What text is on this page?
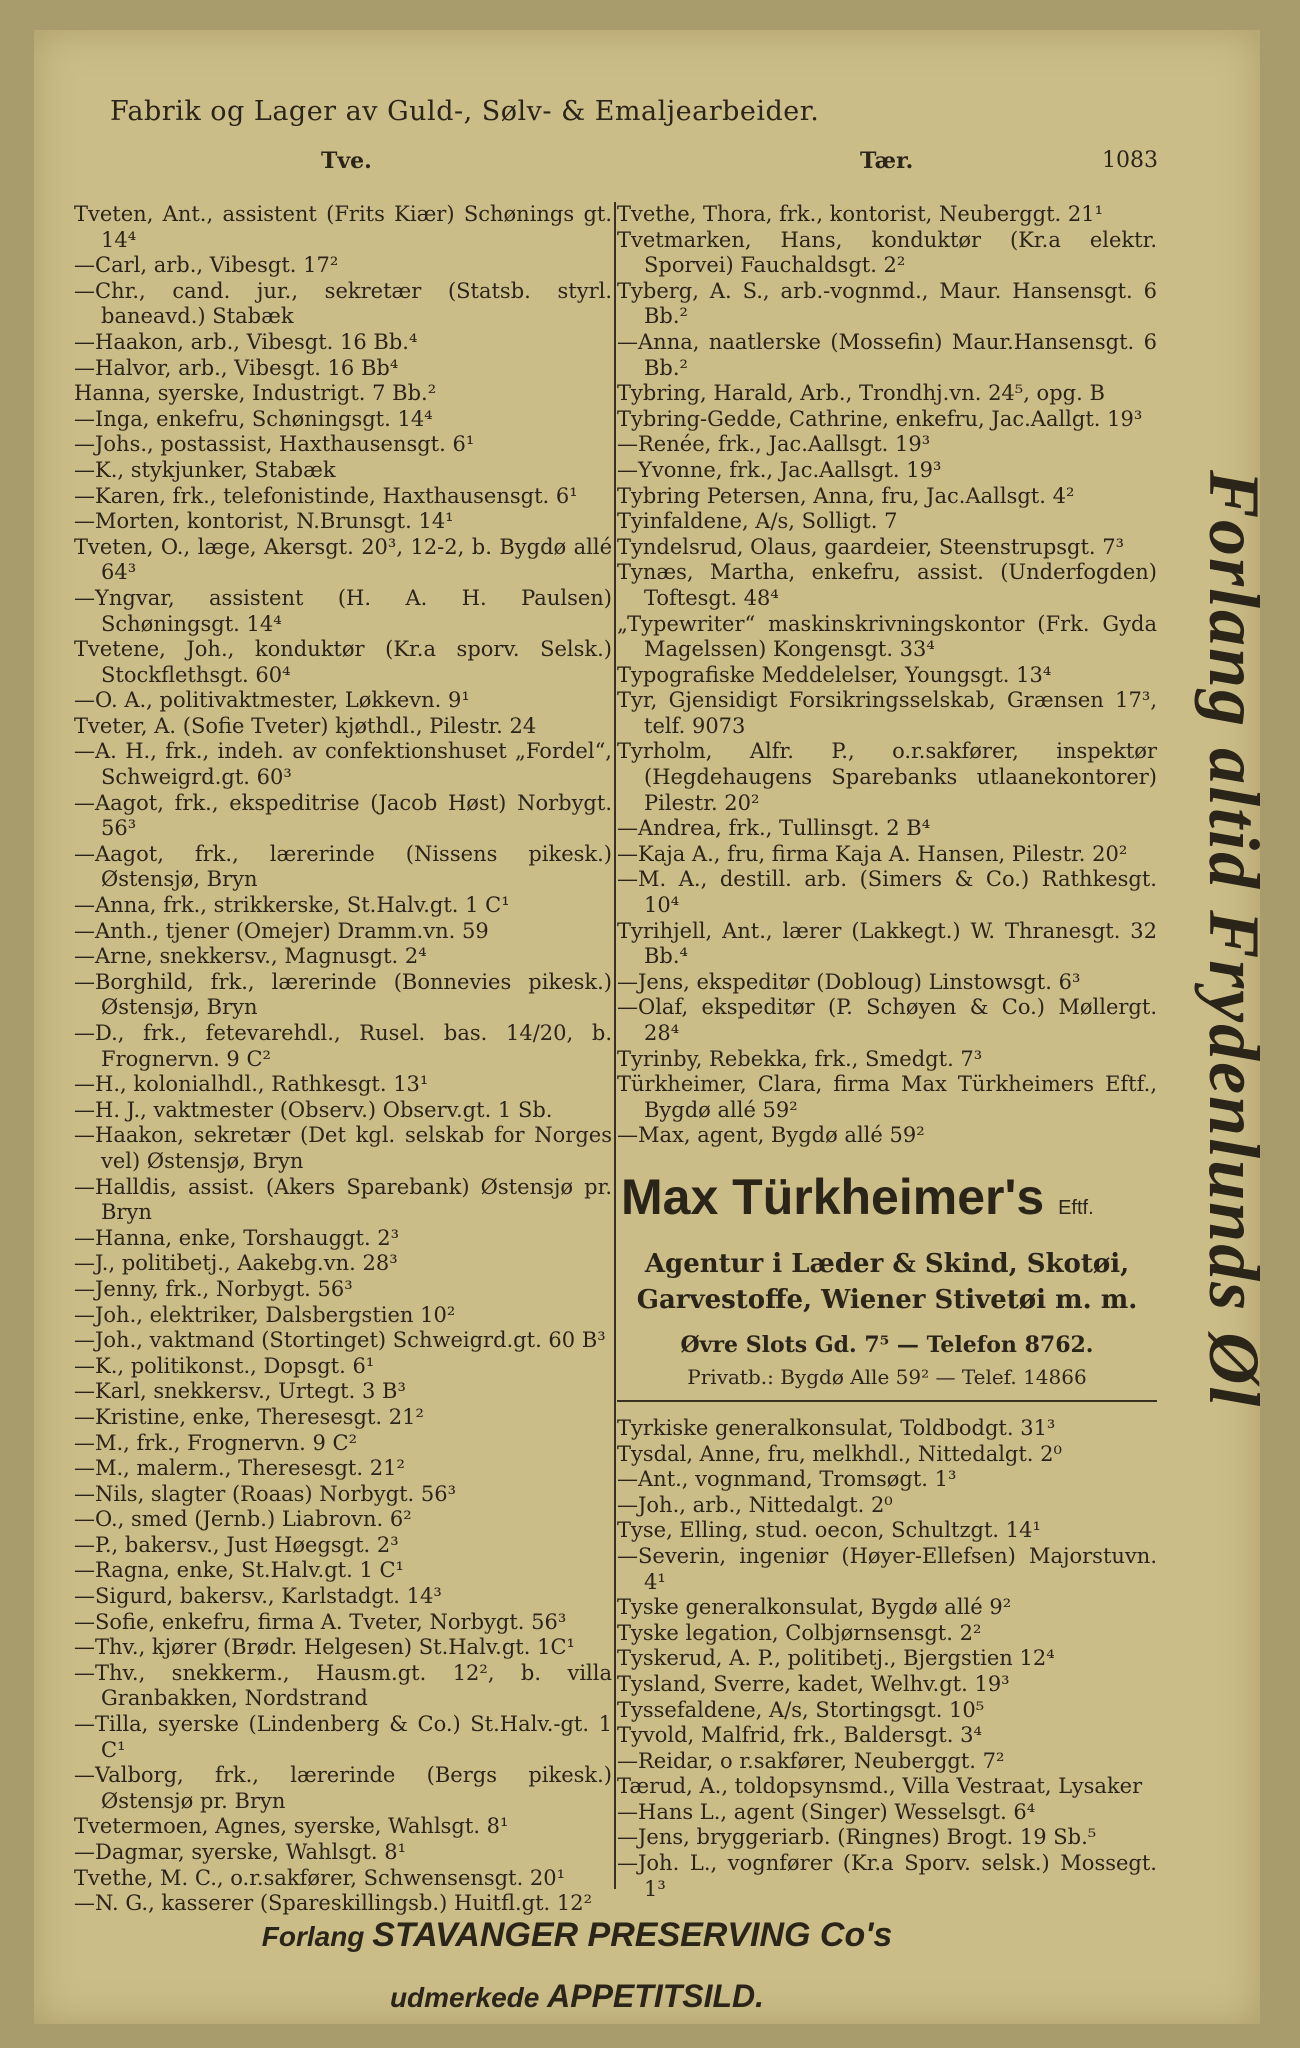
Fabrik og Lager av Guld-, Sølv- & Emaljearbeider.
Tve.	Tær.	1083
Tveten, Ant., assistent (Frits Kiær) Schønings gt. 14⁴
—Carl, arb., Vibesgt. 17²
—Chr., cand. jur., sekretær (Statsb. styrl. baneavd.) Stabæk
—Haakon, arb., Vibesgt. 16 Bb.⁴
—Halvor, arb., Vibesgt. 16 Bb⁴
Hanna, syerske, Industrigt. 7 Bb.²
—Inga, enkefru, Schøningsgt. 14⁴
—Johs., postassist, Haxthausensgt. 6¹
—K., stykjunker, Stabæk
—Karen, frk., telefonistinde, Haxthausensgt. 6¹
—Morten, kontorist, N.Brunsgt. 14¹
Tveten, O., læge, Akersgt. 20³, 12-2, b. Bygdø allé 64³
—Yngvar, assistent (H. A. H. Paulsen) Schøningsgt. 14⁴
Tvetene, Joh., konduktør (Kr.a sporv. Selsk.) Stockflethsgt. 60⁴
—O. A., politivaktmester, Løkkevn. 9¹
Tveter, A. (Sofie Tveter) kjøthdl., Pilestr. 24
—A. H., frk., indeh. av confektionshuset „Fordel“, Schweigrd.gt. 60³
—Aagot, frk., ekspeditrise (Jacob Høst) Norbygt. 56³
—Aagot, frk., lærerinde (Nissens pikesk.) Østensjø, Bryn
—Anna, frk., strikkerske, St.Halv.gt. 1 C¹
—Anth., tjener (Omejer) Dramm.vn. 59
—Arne, snekkersv., Magnusgt. 2⁴
—Borghild, frk., lærerinde (Bonnevies pikesk.) Østensjø, Bryn
—D., frk., fetevarehdl., Rusel. bas. 14/20, b. Frognervn. 9 C²
—H., kolonialhdl., Rathkesgt. 13¹
—H. J., vaktmester (Observ.) Observ.gt. 1 Sb.
—Haakon, sekretær (Det kgl. selskab for Norges vel) Østensjø, Bryn
—Halldis, assist. (Akers Sparebank) Østensjø pr. Bryn
—Hanna, enke, Torshauggt. 2³
—J., politibetj., Aakebg.vn. 28³
—Jenny, frk., Norbygt. 56³
—Joh., elektriker, Dalsbergstien 10²
—Joh., vaktmand (Stortinget) Schweigrd.gt. 60 B³
—K., politikonst., Dopsgt. 6¹
—Karl, snekkersv., Urtegt. 3 B³
—Kristine, enke, Theresesgt. 21²
—M., frk., Frognervn. 9 C²
—M., malerm., Theresesgt. 21²
—Nils, slagter (Roaas) Norbygt. 56³
—O., smed (Jernb.) Liabrovn. 6²
—P., bakersv., Just Høegsgt. 2³
—Ragna, enke, St.Halv.gt. 1 C¹
—Sigurd, bakersv., Karlstadgt. 14³
—Sofie, enkefru, firma A. Tveter, Norbygt. 56³
—Thv., kjører (Brødr. Helgesen) St.Halv.gt. 1C¹
—Thv., snekkerm., Hausm.gt. 12², b. villa Granbakken, Nordstrand
—Tilla, syerske (Lindenberg & Co.) St.Halv.-gt. 1 C¹
—Valborg, frk., lærerinde (Bergs pikesk.) Østensjø pr. Bryn
Tvetermoen, Agnes, syerske, Wahlsgt. 8¹
—Dagmar, syerske, Wahlsgt. 8¹
Tvethe, M. C., o.r.sakfører, Schwensensgt. 20¹
—N. G., kasserer (Spareskillingsb.) Huitfl.gt. 12²
Tvethe, Thora, frk., kontorist, Neuberggt. 21¹
Tvetmarken, Hans, konduktør (Kr.a elektr. Sporvei) Fauchaldsgt. 2²
Tyberg, A. S., arb.-vognmd., Maur. Hansensgt. 6 Bb.²
—Anna, naatlerske (Mossefin) Maur.Hansensgt. 6 Bb.²
Tybring, Harald, Arb., Trondhj.vn. 24⁵, opg. B
Tybring-Gedde, Cathrine, enkefru, Jac.Aallgt. 19³
—Renée, frk., Jac.Aallsgt. 19³
—Yvonne, frk., Jac.Aallsgt. 19³
Tybring Petersen, Anna, fru, Jac.Aallsgt. 4²
Tyinfaldene, A/s, Solligt. 7
Tyndelsrud, Olaus, gaardeier, Steenstrupsgt. 7³
Tynæs, Martha, enkefru, assist. (Underfogden) Toftesgt. 48⁴
„Typewriter“ maskinskrivningskontor (Frk. Gyda Magelssen) Kongensgt. 33⁴
Typografiske Meddelelser, Youngsgt. 13⁴
Tyr, Gjensidigt Forsikringsselskab, Grænsen 17³, telf. 9073
Tyrholm, Alfr. P., o.r.sakfører, inspektør (Hegdehaugens Sparebanks utlaanekontorer) Pilestr. 20²
—Andrea, frk., Tullinsgt. 2 B⁴
—Kaja A., fru, firma Kaja A. Hansen, Pilestr. 20²
—M. A., destill. arb. (Simers & Co.) Rathkesgt. 10⁴
Tyrihjell, Ant., lærer (Lakkegt.) W. Thranesgt. 32 Bb.⁴
—Jens, ekspeditør (Dobloug) Linstowsgt. 6³
—Olaf, ekspeditør (P. Schøyen & Co.) Møllergt. 28⁴
Tyrinby, Rebekka, frk., Smedgt. 7³
Türkheimer, Clara, firma Max Türkheimers Eftf., Bygdø allé 59²
—Max, agent, Bygdø allé 59²
Max Türkheimer's Eftf.
Agentur i Læder & Skind, Skotøi,
Garvestoffe, Wiener Stivetøi m. m.
Øvre Slots Gd. 7⁵ — Telefon 8762.
Privatb.: Bygdø Alle 59² — Telef. 14866
Tyrkiske generalkonsulat, Toldbodgt. 31³
Tysdal, Anne, fru, melkhdl., Nittedalgt. 2⁰
—Ant., vognmand, Tromsøgt. 1³
—Joh., arb., Nittedalgt. 2⁰
Tyse, Elling, stud. oecon, Schultzgt. 14¹
—Severin, ingeniør (Høyer-Ellefsen) Majorstuvn. 4¹
Tyske generalkonsulat, Bygdø allé 9²
Tyske legation, Colbjørnsensgt. 2²
Tyskerud, A. P., politibetj., Bjergstien 12⁴
Tysland, Sverre, kadet, Welhv.gt. 19³
Tyssefaldene, A/s, Stortingsgt. 10⁵
Tyvold, Malfrid, frk., Baldersgt. 3⁴
—Reidar, o r.sakfører, Neuberggt. 7²
Tærud, A., toldopsynsmd., Villa Vestraat, Lysaker
—Hans L., agent (Singer) Wesselsgt. 6⁴
—Jens, bryggeriarb. (Ringnes) Brogt. 19 Sb.⁵
—Joh. L., vognfører (Kr.a Sporv. selsk.) Mossegt. 1³
Forlang altid Frydenlunds Øl
Forlang STAVANGER PRESERVING Co's
udmerkede APPETITSILD.
